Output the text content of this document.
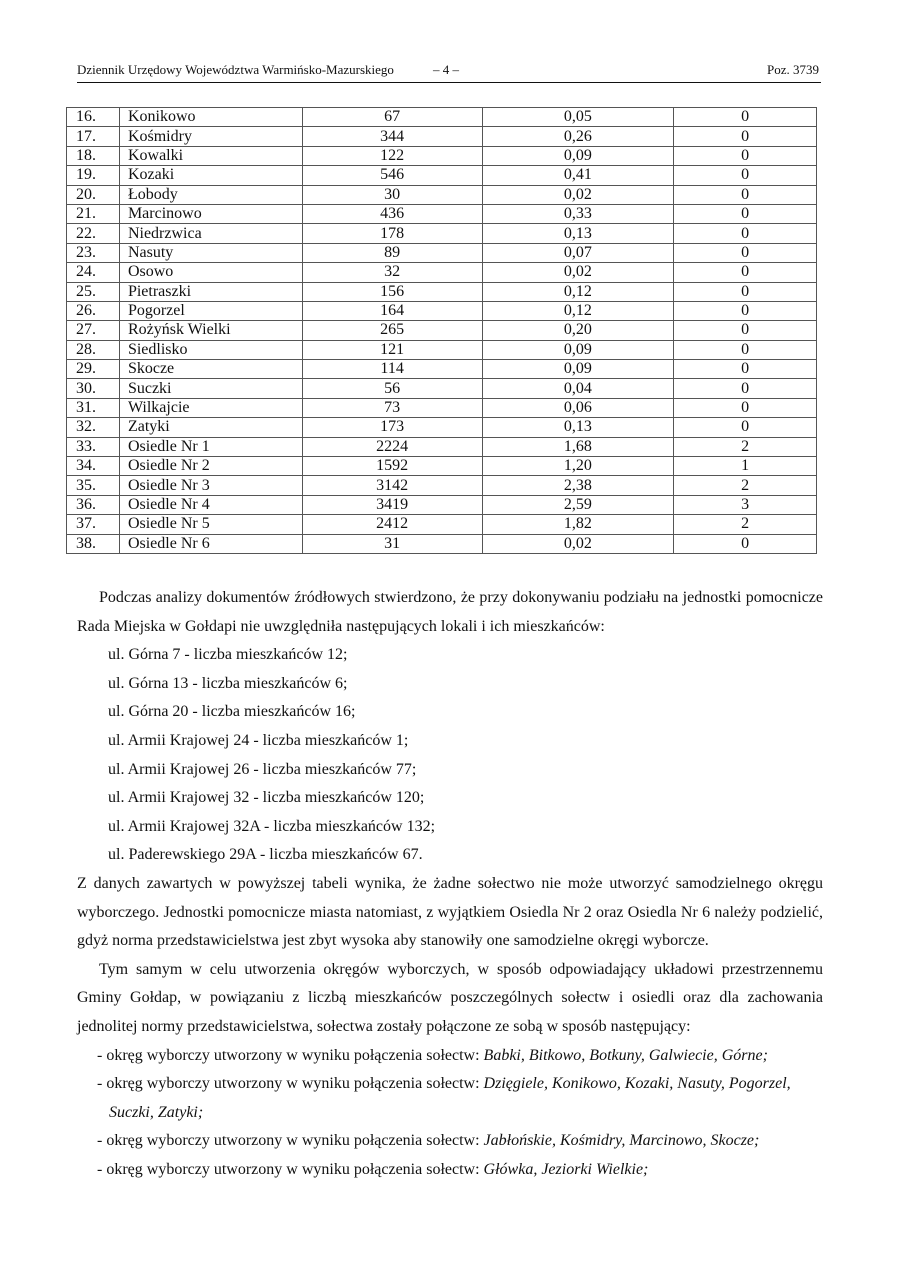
Dziennik Urzędowy Województwa Warmińsko-Mazurskiego	– 4 –	Poz. 3739
16.	Konikowo	67	0,05	0
17.	Kośmidry	344	0,26	0
18.	Kowalki	122	0,09	0
19.	Kozaki	546	0,41	0
20.	Łobody	30	0,02	0
21.	Marcinowo	436	0,33	0
22.	Niedrzwica	178	0,13	0
23.	Nasuty	89	0,07	0
24.	Osowo	32	0,02	0
25.	Pietraszki	156	0,12	0
26.	Pogorzel	164	0,12	0
27.	Rożyńsk Wielki	265	0,20	0
28.	Siedlisko	121	0,09	0
29.	Skocze	114	0,09	0
30.	Suczki	56	0,04	0
31.	Wilkajcie	73	0,06	0
32.	Zatyki	173	0,13	0
33.	Osiedle Nr 1	2224	1,68	2
34.	Osiedle Nr 2	1592	1,20	1
35.	Osiedle Nr 3	3142	2,38	2
36.	Osiedle Nr 4	3419	2,59	3
37.	Osiedle Nr 5	2412	1,82	2
38.	Osiedle Nr 6	31	0,02	0

Podczas analizy dokumentów źródłowych stwierdzono, że przy dokonywaniu podziału na jednostki pomocnicze Rada Miejska w Gołdapi nie uwzględniła następujących lokali i ich mieszkańców:

ul. Górna 7 - liczba mieszkańców 12;

ul. Górna 13 - liczba mieszkańców 6;

ul. Górna 20 - liczba mieszkańców 16;

ul. Armii Krajowej 24 - liczba mieszkańców 1;

ul. Armii Krajowej 26 - liczba mieszkańców 77;

ul. Armii Krajowej 32 - liczba mieszkańców 120;

ul. Armii Krajowej 32A - liczba mieszkańców 132;

ul. Paderewskiego 29A - liczba mieszkańców 67.

Z danych zawartych w powyższej tabeli wynika, że żadne sołectwo nie może utworzyć samodzielnego okręgu wyborczego. Jednostki pomocnicze miasta natomiast, z wyjątkiem Osiedla Nr 2 oraz Osiedla Nr 6 należy podzielić, gdyż norma przedstawicielstwa jest zbyt wysoka aby stanowiły one samodzielne okręgi wyborcze.

Tym samym w celu utworzenia okręgów wyborczych, w sposób odpowiadający układowi przestrzennemu Gminy Gołdap, w powiązaniu z liczbą mieszkańców poszczególnych sołectw i osiedli oraz dla zachowania jednolitej normy przedstawicielstwa, sołectwa zostały połączone ze sobą w sposób następujący:

- okręg wyborczy utworzony w wyniku połączenia sołectw: Babki, Bitkowo, Botkuny, Galwiecie, Górne;

- okręg wyborczy utworzony w wyniku połączenia sołectw: Dzięgiele, Konikowo, Kozaki, Nasuty, Pogorzel,
Suczki, Zatyki;

- okręg wyborczy utworzony w wyniku połączenia sołectw: Jabłońskie, Kośmidry, Marcinowo, Skocze;

- okręg wyborczy utworzony w wyniku połączenia sołectw: Główka, Jeziorki Wielkie;
